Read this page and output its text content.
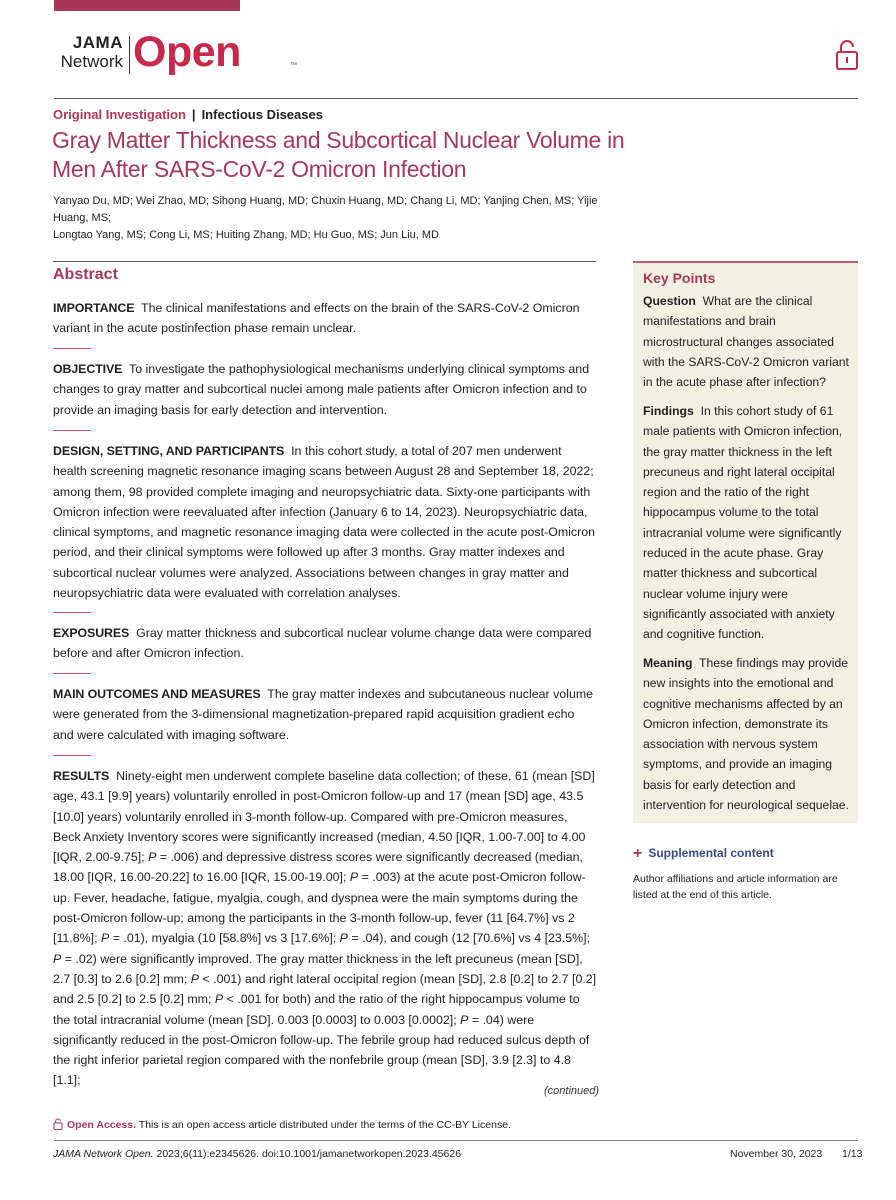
JAMA
Network Open	™
Original Investigation | Infectious Diseases
Gray Matter Thickness and Subcortical Nuclear Volume in Men After SARS-CoV-2 Omicron Infection
Yanyao Du, MD; Wei Zhao, MD; Sihong Huang, MD; Chuxin Huang, MD; Chang Li, MD; Yanjing Chen, MS; Yijie Huang, MS;
Longtao Yang, MS; Cong Li, MS; Huiting Zhang, MD; Hu Guo, MS; Jun Liu, MD
Abstract
IMPORTANCE The clinical manifestations and effects on the brain of the SARS-CoV-2 Omicron variant in the acute postinfection phase remain unclear.
OBJECTIVE To investigate the pathophysiological mechanisms underlying clinical symptoms and changes to gray matter and subcortical nuclei among male patients after Omicron infection and to provide an imaging basis for early detection and intervention.
DESIGN, SETTING, AND PARTICIPANTS In this cohort study, a total of 207 men underwent health screening magnetic resonance imaging scans between August 28 and September 18, 2022; among them, 98 provided complete imaging and neuropsychiatric data. Sixty-one participants with Omicron infection were reevaluated after infection (January 6 to 14, 2023). Neuropsychiatric data, clinical symptoms, and magnetic resonance imaging data were collected in the acute post-Omicron period, and their clinical symptoms were followed up after 3 months. Gray matter indexes and subcortical nuclear volumes were analyzed. Associations between changes in gray matter and neuropsychiatric data were evaluated with correlation analyses.
EXPOSURES Gray matter thickness and subcortical nuclear volume change data were compared before and after Omicron infection.
MAIN OUTCOMES AND MEASURES The gray matter indexes and subcutaneous nuclear volume were generated from the 3-dimensional magnetization-prepared rapid acquisition gradient echo and were calculated with imaging software.
RESULTS Ninety-eight men underwent complete baseline data collection; of these, 61 (mean [SD] age, 43.1 [9.9] years) voluntarily enrolled in post-Omicron follow-up and 17 (mean [SD] age, 43.5 [10.0] years) voluntarily enrolled in 3-month follow-up. Compared with pre-Omicron measures, Beck Anxiety Inventory scores were significantly increased (median, 4.50 [IQR, 1.00-7.00] to 4.00 [IQR, 2.00-9.75]; P = .006) and depressive distress scores were significantly decreased (median, 18.00 [IQR, 16.00-20.22] to 16.00 [IQR, 15.00-19.00]; P = .003) at the acute post-Omicron follow-up. Fever, headache, fatigue, myalgia, cough, and dyspnea were the main symptoms during the post-Omicron follow-up; among the participants in the 3-month follow-up, fever (11 [64.7%] vs 2 [11.8%]; P = .01), myalgia (10 [58.8%] vs 3 [17.6%]; P = .04), and cough (12 [70.6%] vs 4 [23.5%]; P = .02) were significantly improved. The gray matter thickness in the left precuneus (mean [SD], 2.7 [0.3] to 2.6 [0.2] mm; P < .001) and right lateral occipital region (mean [SD], 2.8 [0.2] to 2.7 [0.2] and 2.5 [0.2] to 2.5 [0.2] mm; P < .001 for both) and the ratio of the right hippocampus volume to the total intracranial volume (mean [SD]. 0.003 [0.0003] to 0.003 [0.0002]; P = .04) were significantly reduced in the post-Omicron follow-up. The febrile group had reduced sulcus depth of the right inferior parietal region compared with the nonfebrile group (mean [SD], 3.9 [2.3] to 4.8 [1.1];
(continued)
Key Points
Question What are the clinical manifestations and brain microstructural changes associated with the SARS-CoV-2 Omicron variant in the acute phase after infection?
Findings In this cohort study of 61 male patients with Omicron infection, the gray matter thickness in the left precuneus and right lateral occipital region and the ratio of the right hippocampus volume to the total intracranial volume were significantly reduced in the acute phase. Gray matter thickness and subcortical nuclear volume injury were significantly associated with anxiety and cognitive function.
Meaning These findings may provide new insights into the emotional and cognitive mechanisms affected by an Omicron infection, demonstrate its association with nervous system symptoms, and provide an imaging basis for early detection and intervention for neurological sequelae.
+ Supplemental content
Author affiliations and article information are listed at the end of this article.
Open Access. This is an open access article distributed under the terms of the CC-BY License.
JAMA Network Open. 2023;6(11):e2345626. doi:10.1001/jamanetworkopen.2023.45626	November 30, 2023 1/13
